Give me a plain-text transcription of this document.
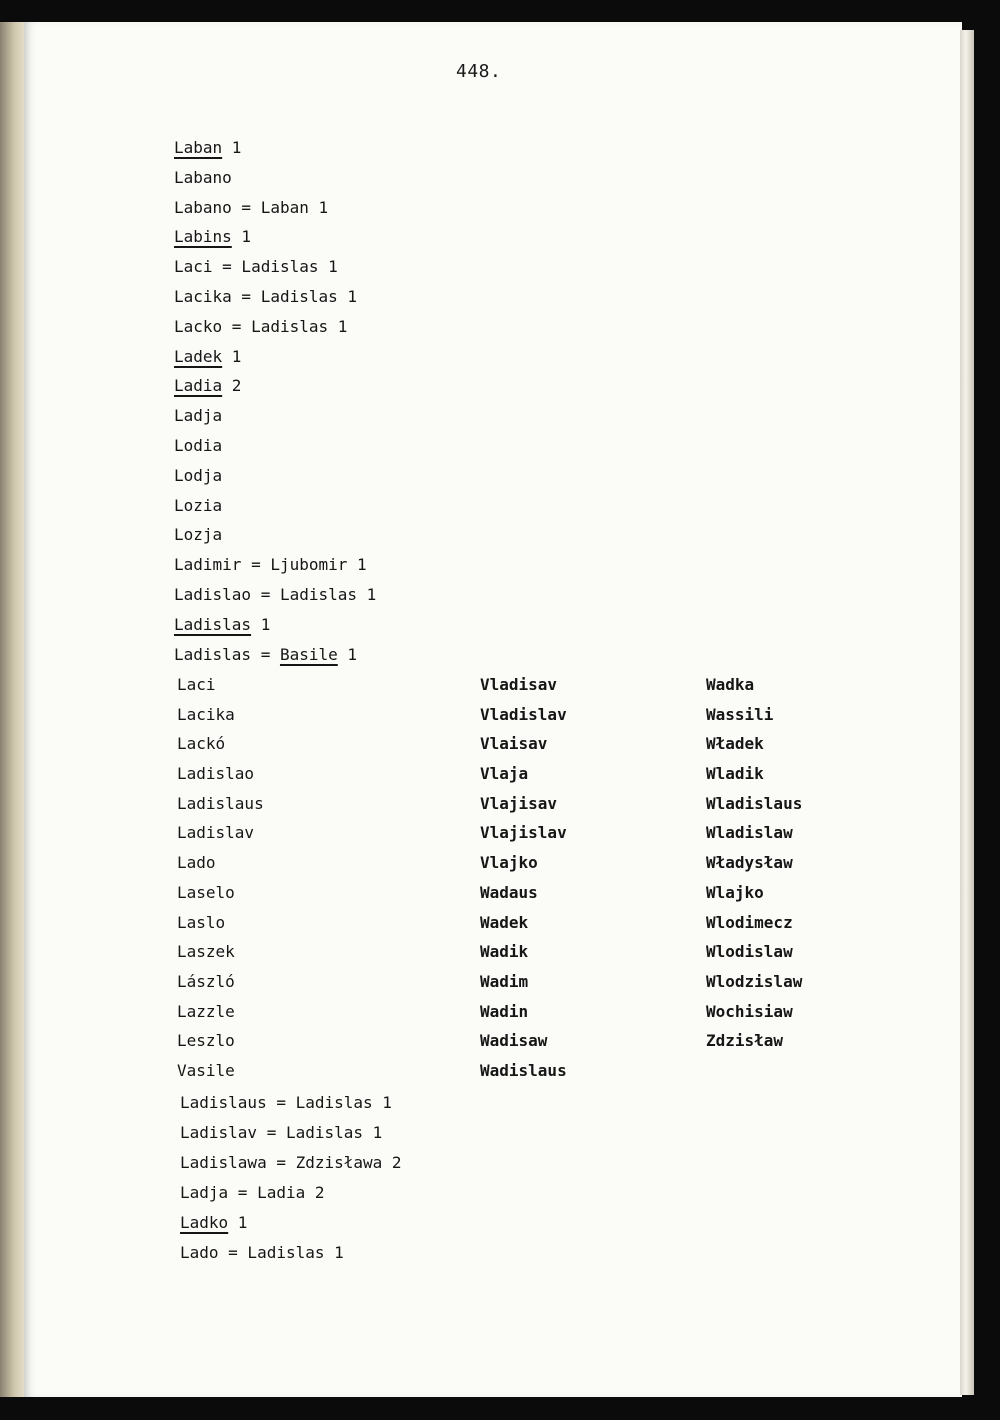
448.
Laban 1
Labano
Labano = Laban 1
Labins 1
Laci = Ladislas 1
Lacika = Ladislas 1
Lacko = Ladislas 1
Ladek 1
Ladia 2
Ladja
Lodia
Lodja
Lozia
Lozja
Ladimir = Ljubomir 1
Ladislao = Ladislas 1
Ladislas 1
Ladislas = Basile 1
Laci
Lacika
Lackó
Ladislao
Ladislaus
Ladislav
Lado
Laselo
Laslo
Laszek
László
Lazzle
Leszlo
Vasile
Vladisav
Vladislav
Vlaisav
Vlaja
Vlajisav
Vlajislav
Vlajko
Wadaus
Wadek
Wadik
Wadim
Wadin
Wadisaw
Wadislaus
Wadka
Wassili
Władek
Wladik
Wladislaus
Wladislaw
Władysław
Wlajko
Wlodimecz
Wlodislaw
Wlodzislaw
Wochisiaw
Zdzisław
Ladislaus = Ladislas 1
Ladislav = Ladislas 1
Ladislawa = Zdzisława 2
Ladja = Ladia 2
Ladko 1
Lado = Ladislas 1
